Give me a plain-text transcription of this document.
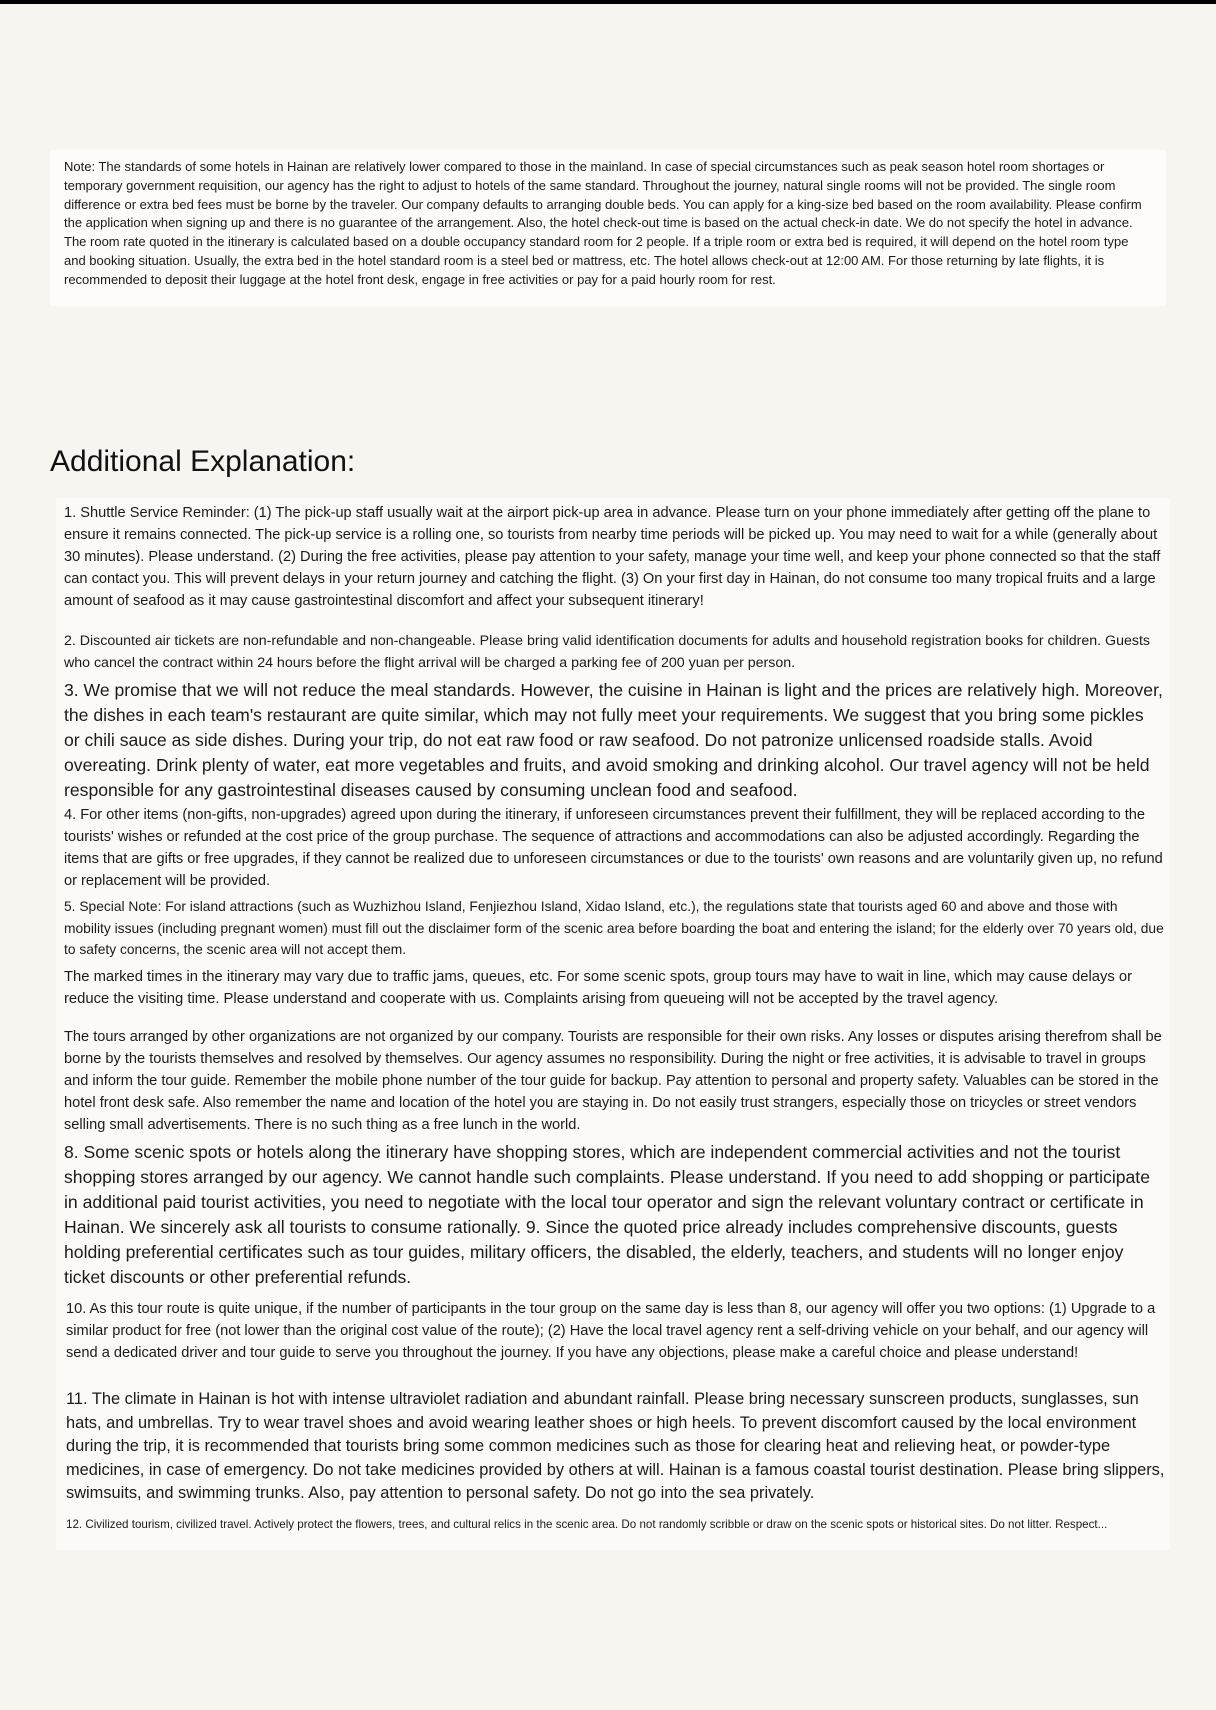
Note: The standards of some hotels in Hainan are relatively lower compared to those in the mainland. In case of special circumstances such as peak season hotel room shortages or temporary government requisition, our agency has the right to adjust to hotels of the same standard. Throughout the journey, natural single rooms will not be provided. The single room difference or extra bed fees must be borne by the traveler. Our company defaults to arranging double beds. You can apply for a king-size bed based on the room availability. Please confirm the application when signing up and there is no guarantee of the arrangement. Also, the hotel check-out time is based on the actual check-in date. We do not specify the hotel in advance. The room rate quoted in the itinerary is calculated based on a double occupancy standard room for 2 people. If a triple room or extra bed is required, it will depend on the hotel room type and booking situation. Usually, the extra bed in the hotel standard room is a steel bed or mattress, etc. The hotel allows check-out at 12:00 AM. For those returning by late flights, it is recommended to deposit their luggage at the hotel front desk, engage in free activities or pay for a paid hourly room for rest.
Additional Explanation:

1. Shuttle Service Reminder: (1) The pick-up staff usually wait at the airport pick-up area in advance. Please turn on your phone immediately after getting off the plane to ensure it remains connected. The pick-up service is a rolling one, so tourists from nearby time periods will be picked up. You may need to wait for a while (generally about 30 minutes). Please understand. (2) During the free activities, please pay attention to your safety, manage your time well, and keep your phone connected so that the staff can contact you. This will prevent delays in your return journey and catching the flight. (3) On your first day in Hainan, do not consume too many tropical fruits and a large amount of seafood as it may cause gastrointestinal discomfort and affect your subsequent itinerary!

2. Discounted air tickets are non-refundable and non-changeable. Please bring valid identification documents for adults and household registration books for children. Guests who cancel the contract within 24 hours before the flight arrival will be charged a parking fee of 200 yuan per person.

3. We promise that we will not reduce the meal standards. However, the cuisine in Hainan is light and the prices are relatively high. Moreover, the dishes in each team's restaurant are quite similar, which may not fully meet your requirements. We suggest that you bring some pickles or chili sauce as side dishes. During your trip, do not eat raw food or raw seafood. Do not patronize unlicensed roadside stalls. Avoid overeating. Drink plenty of water, eat more vegetables and fruits, and avoid smoking and drinking alcohol. Our travel agency will not be held responsible for any gastrointestinal diseases caused by consuming unclean food and seafood.

4. For other items (non-gifts, non-upgrades) agreed upon during the itinerary, if unforeseen circumstances prevent their fulfillment, they will be replaced according to the tourists' wishes or refunded at the cost price of the group purchase. The sequence of attractions and accommodations can also be adjusted accordingly. Regarding the items that are gifts or free upgrades, if they cannot be realized due to unforeseen circumstances or due to the tourists' own reasons and are voluntarily given up, no refund or replacement will be provided.

5. Special Note: For island attractions (such as Wuzhizhou Island, Fenjiezhou Island, Xidao Island, etc.), the regulations state that tourists aged 60 and above and those with mobility issues (including pregnant women) must fill out the disclaimer form of the scenic area before boarding the boat and entering the island; for the elderly over 70 years old, due to safety concerns, the scenic area will not accept them.

The marked times in the itinerary may vary due to traffic jams, queues, etc. For some scenic spots, group tours may have to wait in line, which may cause delays or reduce the visiting time. Please understand and cooperate with us. Complaints arising from queueing will not be accepted by the travel agency.

The tours arranged by other organizations are not organized by our company. Tourists are responsible for their own risks. Any losses or disputes arising therefrom shall be borne by the tourists themselves and resolved by themselves. Our agency assumes no responsibility. During the night or free activities, it is advisable to travel in groups and inform the tour guide. Remember the mobile phone number of the tour guide for backup. Pay attention to personal and property safety. Valuables can be stored in the hotel front desk safe. Also remember the name and location of the hotel you are staying in. Do not easily trust strangers, especially those on tricycles or street vendors selling small advertisements. There is no such thing as a free lunch in the world.

8. Some scenic spots or hotels along the itinerary have shopping stores, which are independent commercial activities and not the tourist shopping stores arranged by our agency. We cannot handle such complaints. Please understand. If you need to add shopping or participate in additional paid tourist activities, you need to negotiate with the local tour operator and sign the relevant voluntary contract or certificate in Hainan. We sincerely ask all tourists to consume rationally. 9. Since the quoted price already includes comprehensive discounts, guests holding preferential certificates such as tour guides, military officers, the disabled, the elderly, teachers, and students will no longer enjoy ticket discounts or other preferential refunds.

10. As this tour route is quite unique, if the number of participants in the tour group on the same day is less than 8, our agency will offer you two options: (1) Upgrade to a similar product for free (not lower than the original cost value of the route); (2) Have the local travel agency rent a self-driving vehicle on your behalf, and our agency will send a dedicated driver and tour guide to serve you throughout the journey. If you have any objections, please make a careful choice and please understand!

11. The climate in Hainan is hot with intense ultraviolet radiation and abundant rainfall. Please bring necessary sunscreen products, sunglasses, sun hats, and umbrellas. Try to wear travel shoes and avoid wearing leather shoes or high heels. To prevent discomfort caused by the local environment during the trip, it is recommended that tourists bring some common medicines such as those for clearing heat and relieving heat, or powder-type medicines, in case of emergency. Do not take medicines provided by others at will. Hainan is a famous coastal tourist destination. Please bring slippers, swimsuits, and swimming trunks. Also, pay attention to personal safety. Do not go into the sea privately.

12. Civilized tourism, civilized travel. Actively protect the flowers, trees, and cultural relics in the scenic area. Do not randomly scribble or draw on the scenic spots or historical sites. Do not litter. Respect...
